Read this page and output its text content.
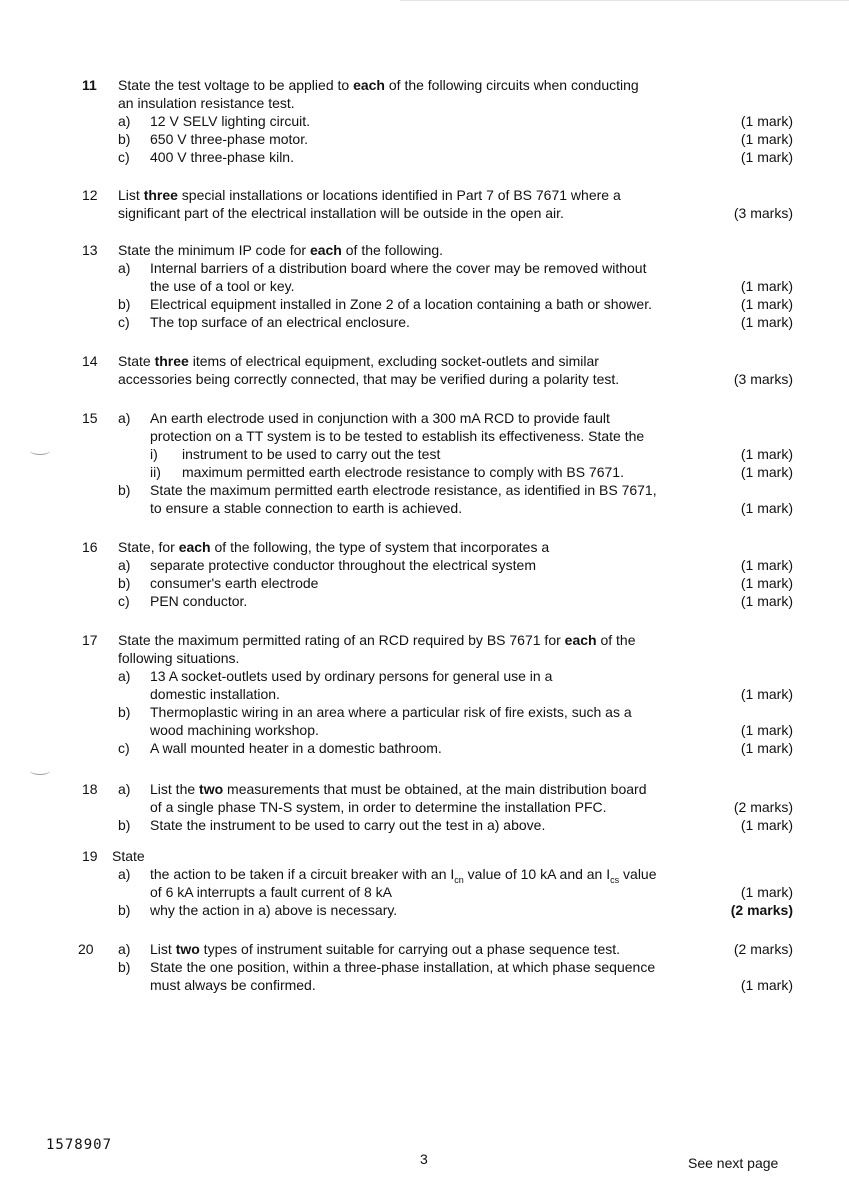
11	State the test voltage to be applied to each of the following circuits when conducting
an insulation resistance test.
a)	12 V SELV lighting circuit.	(1 mark)
b)	650 V three-phase motor.	(1 mark)
c)	400 V three-phase kiln.	(1 mark)
12	List three special installations or locations identified in Part 7 of BS 7671 where a
significant part of the electrical installation will be outside in the open air.	(3 marks)
13	State the minimum IP code for each of the following.
a)	Internal barriers of a distribution board where the cover may be removed without
the use of a tool or key.	(1 mark)
b)	Electrical equipment installed in Zone 2 of a location containing a bath or shower.	(1 mark)
c)	The top surface of an electrical enclosure.	(1 mark)
14	State three items of electrical equipment, excluding socket-outlets and similar
accessories being correctly connected, that may be verified during a polarity test.	(3 marks)
15	a)	An earth electrode used in conjunction with a 300 mA RCD to provide fault
protection on a TT system is to be tested to establish its effectiveness. State the
i)	instrument to be used to carry out the test	(1 mark)
ii)	maximum permitted earth electrode resistance to comply with BS 7671.	(1 mark)
b)	State the maximum permitted earth electrode resistance, as identified in BS 7671,
to ensure a stable connection to earth is achieved.	(1 mark)
16	State, for each of the following, the type of system that incorporates a
a)	separate protective conductor throughout the electrical system	(1 mark)
b)	consumer's earth electrode	(1 mark)
c)	PEN conductor.	(1 mark)
17	State the maximum permitted rating of an RCD required by BS 7671 for each of the
following situations.
a)	13 A socket-outlets used by ordinary persons for general use in a
domestic installation.	(1 mark)
b)	Thermoplastic wiring in an area where a particular risk of fire exists, such as a
wood machining workshop.	(1 mark)
c)	A wall mounted heater in a domestic bathroom.	(1 mark)
18	a)	List the two measurements that must be obtained, at the main distribution board
of a single phase TN-S system, in order to determine the installation PFC.	(2 marks)
b)	State the instrument to be used to carry out the test in a) above.	(1 mark)
19	State
a)	the action to be taken if a circuit breaker with an $I_{cn}$ value of 10 kA and an $I_{cs}$ value
of 6 kA interrupts a fault current of 8 kA	(1 mark)
b)	why the action in a) above is necessary.	(2 marks)
20	a)	List two types of instrument suitable for carrying out a phase sequence test.	(2 marks)
b)	State the one position, within a three-phase installation, at which phase sequence
must always be confirmed.	(1 mark)
1578907
3	See next page
